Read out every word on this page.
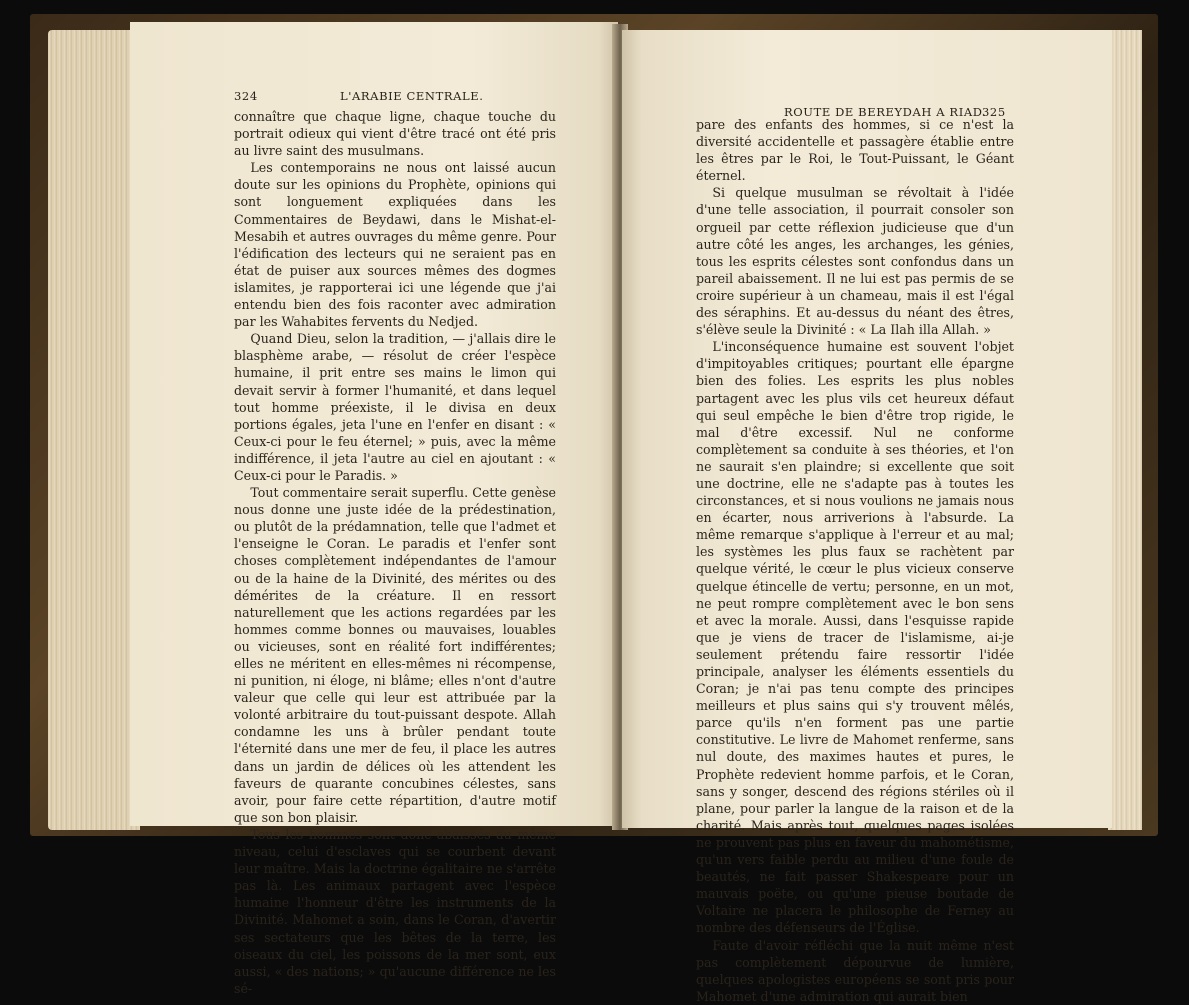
324	L'ARABIE CENTRALE.

connaître que chaque ligne, chaque touche du portrait odieux qui vient d'être tracé ont été pris au livre saint des musulmans.

Les contemporains ne nous ont laissé aucun doute sur les opinions du Prophète, opinions qui sont longuement expliquées dans les Commentaires de Beydawi, dans le Mishat-el-Mesabih et autres ouvrages du même genre. Pour l'édification des lecteurs qui ne seraient pas en état de puiser aux sources mêmes des dogmes islamites, je rapporterai ici une légende que j'ai entendu bien des fois raconter avec admiration par les Wahabites fervents du Nedjed.

Quand Dieu, selon la tradition, — j'allais dire le blasphème arabe, — résolut de créer l'espèce humaine, il prit entre ses mains le limon qui devait servir à former l'humanité, et dans lequel tout homme préexiste, il le divisa en deux portions égales, jeta l'une en l'enfer en disant : « Ceux-ci pour le feu éternel; » puis, avec la même indifférence, il jeta l'autre au ciel en ajoutant : « Ceux-ci pour le Paradis. »

Tout commentaire serait superflu. Cette genèse nous donne une juste idée de la prédestination, ou plutôt de la prédamnation, telle que l'admet et l'enseigne le Coran. Le paradis et l'enfer sont choses complètement indépendantes de l'amour ou de la haine de la Divinité, des mérites ou des démérites de la créature. Il en ressort naturellement que les actions regardées par les hommes comme bonnes ou mauvaises, louables ou vicieuses, sont en réalité fort indifférentes; elles ne méritent en elles-mêmes ni récompense, ni punition, ni éloge, ni blâme; elles n'ont d'autre valeur que celle qui leur est attribuée par la volonté arbitraire du tout-puissant despote. Allah condamne les uns à brûler pendant toute l'éternité dans une mer de feu, il place les autres dans un jardin de délices où les attendent les faveurs de quarante concubines célestes, sans avoir, pour faire cette répartition, d'autre motif que son bon plaisir.

Tous les hommes sont donc abaissés au même niveau, celui d'esclaves qui se courbent devant leur maître. Mais la doctrine égalitaire ne s'arrête pas là. Les animaux partagent avec l'espèce humaine l'honneur d'être les instruments de la Divinité. Mahomet a soin, dans le Coran, d'avertir ses sectateurs que les bêtes de la terre, les oiseaux du ciel, les poissons de la mer sont, eux aussi, « des nations; » qu'aucune différence ne les sé-

ROUTE DE BEREYDAH A RIAD.
325

pare des enfants des hommes, si ce n'est la diversité accidentelle et passagère établie entre les êtres par le Roi, le Tout-Puissant, le Géant éternel.

Si quelque musulman se révoltait à l'idée d'une telle association, il pourrait consoler son orgueil par cette réflexion judicieuse que d'un autre côté les anges, les archanges, les génies, tous les esprits célestes sont confondus dans un pareil abaissement. Il ne lui est pas permis de se croire supérieur à un chameau, mais il est l'égal des séraphins. Et au-dessus du néant des êtres, s'élève seule la Divinité : « La Ilah illa Allah. »

L'inconséquence humaine est souvent l'objet d'impitoyables critiques; pourtant elle épargne bien des folies. Les esprits les plus nobles partagent avec les plus vils cet heureux défaut qui seul empêche le bien d'être trop rigide, le mal d'être excessif. Nul ne conforme complètement sa conduite à ses théories, et l'on ne saurait s'en plaindre; si excellente que soit une doctrine, elle ne s'adapte pas à toutes les circonstances, et si nous voulions ne jamais nous en écarter, nous arriverions à l'absurde. La même remarque s'applique à l'erreur et au mal; les systèmes les plus faux se rachètent par quelque vérité, le cœur le plus vicieux conserve quelque étincelle de vertu; personne, en un mot, ne peut rompre complètement avec le bon sens et avec la morale. Aussi, dans l'esquisse rapide que je viens de tracer de l'islamisme, ai-je seulement prétendu faire ressortir l'idée principale, analyser les éléments essentiels du Coran; je n'ai pas tenu compte des principes meilleurs et plus sains qui s'y trouvent mêlés, parce qu'ils n'en forment pas une partie constitutive. Le livre de Mahomet renferme, sans nul doute, des maximes hautes et pures, le Prophète redevient homme parfois, et le Coran, sans y songer, descend des régions stériles où il plane, pour parler la langue de la raison et de la charité. Mais après tout, quelques pages isolées ne prouvent pas plus en faveur du mahométisme, qu'un vers faible perdu au milieu d'une foule de beautés, ne fait passer Shakespeare pour un mauvais poëte, ou qu'une pieuse boutade de Voltaire ne placera le philosophe de Ferney au nombre des défenseurs de l'Église.

Faute d'avoir réfléchi que la nuit même n'est pas complètement dépourvue de lumière, quelques apologistes européens se sont pris pour Mahomet d'une admiration qui aurait bien
